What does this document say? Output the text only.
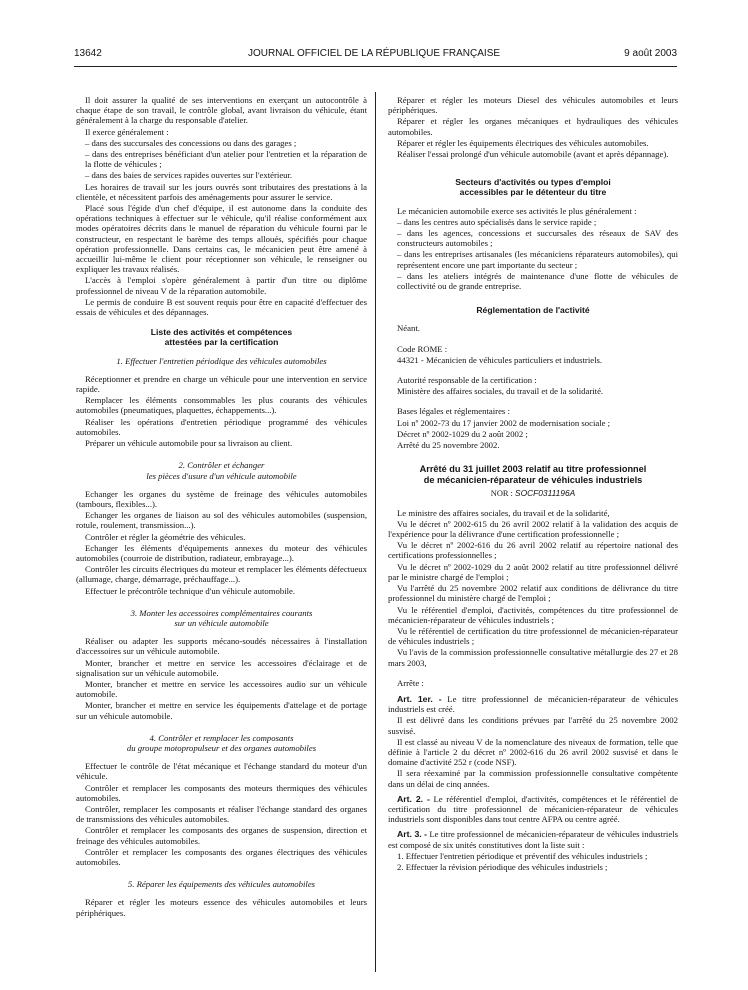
13642	JOURNAL OFFICIEL DE LA RÉPUBLIQUE FRANÇAISE	9 août 2003

Il doit assurer la qualité de ses interventions en exerçant un autocontrôle à chaque étape de son travail, le contrôle global, avant livraison du véhicule, étant généralement à la charge du responsable d'atelier.

Il exerce généralement :

– dans des succursales des concessions ou dans des garages ;

– dans des entreprises bénéficiant d'un atelier pour l'entretien et la réparation de la flotte de véhicules ;

– dans des baies de services rapides ouvertes sur l'extérieur.

Les horaires de travail sur les jours ouvrés sont tributaires des prestations à la clientèle, et nécessitent parfois des aménagements pour assurer le service.

Placé sous l'égide d'un chef d'équipe, il est autonome dans la conduite des opérations techniques à effectuer sur le véhicule, qu'il réalise conformément aux modes opératoires décrits dans le manuel de réparation du véhicule fourni par le constructeur, en respectant le barème des temps alloués, spécifiés pour chaque opération professionnelle. Dans certains cas, le mécanicien peut être amené à accueillir lui-même le client pour réceptionner son véhicule, le renseigner ou expliquer les travaux réalisés.

L'accès à l'emploi s'opère généralement à partir d'un titre ou diplôme professionnel de niveau V de la réparation automobile.

Le permis de conduire B est souvent requis pour être en capacité d'effectuer des essais de véhicules et des dépannages.

Liste des activités et compétences
attestées par la certification
1. Effectuer l'entretien périodique des véhicules automobiles

Réceptionner et prendre en charge un véhicule pour une intervention en service rapide.

Remplacer les éléments consommables les plus courants des véhicules automobiles (pneumatiques, plaquettes, échappements...).

Réaliser les opérations d'entretien périodique programmé des véhicules automobiles.

Préparer un véhicule automobile pour sa livraison au client.

2. Contrôler et échanger
les pièces d'usure d'un véhicule automobile

Echanger les organes du système de freinage des véhicules automobiles (tambours, flexibles...).

Echanger les organes de liaison au sol des véhicules automobiles (suspension, rotule, roulement, transmission...).

Contrôler et régler la géométrie des véhicules.

Echanger les éléments d'équipements annexes du moteur des véhicules automobiles (courroie de distribution, radiateur, embrayage...).

Contrôler les circuits électriques du moteur et remplacer les éléments défectueux (allumage, charge, démarrage, préchauffage...).

Effectuer le précontrôle technique d'un véhicule automobile.

3. Monter les accessoires complémentaires courants
sur un véhicule automobile

Réaliser ou adapter les supports mécano-soudés nécessaires à l'installation d'accessoires sur un véhicule automobile.

Monter, brancher et mettre en service les accessoires d'éclairage et de signalisation sur un véhicule automobile.

Monter, brancher et mettre en service les accessoires audio sur un véhicule automobile.

Monter, brancher et mettre en service les équipements d'attelage et de portage sur un véhicule automobile.

4. Contrôler et remplacer les composants
du groupe motopropulseur et des organes automobiles

Effectuer le contrôle de l'état mécanique et l'échange standard du moteur d'un véhicule.

Contrôler et remplacer les composants des moteurs thermiques des véhicules automobiles.

Contrôler, remplacer les composants et réaliser l'échange standard des organes de transmissions des véhicules automobiles.

Contrôler et remplacer les composants des organes de suspension, direction et freinage des véhicules automobiles.

Contrôler et remplacer les composants des organes électriques des véhicules automobiles.

5. Réparer les équipements des véhicules automobiles

Réparer et régler les moteurs essence des véhicules automobiles et leurs périphériques.

Réparer et régler les moteurs Diesel des véhicules automobiles et leurs périphériques.

Réparer et régler les organes mécaniques et hydrauliques des véhicules automobiles.

Réparer et régler les équipements électriques des véhicules automobiles.

Réaliser l'essai prolongé d'un véhicule automobile (avant et après dépannage).

Secteurs d'activités ou types d'emploi
accessibles par le détenteur du titre

Le mécanicien automobile exerce ses activités le plus généralement :

– dans les centres auto spécialisés dans le service rapide ;

– dans les agences, concessions et succursales des réseaux de SAV des constructeurs automobiles ;

– dans les entreprises artisanales (les mécaniciens réparateurs automobiles), qui représentent encore une part importante du secteur ;

– dans les ateliers intégrés de maintenance d'une flotte de véhicules de collectivité ou de grande entreprise.

Réglementation de l'activité

Néant.

Code ROME :

44321 - Mécanicien de véhicules particuliers et industriels.

Autorité responsable de la certification :

Ministère des affaires sociales, du travail et de la solidarité.

Bases légales et réglementaires :

Loi nº 2002-73 du 17 janvier 2002 de modernisation sociale ;

Décret nº 2002-1029 du 2 août 2002 ;

Arrêté du 25 novembre 2002.

Arrêté du 31 juillet 2003 relatif au titre professionnel
de mécanicien-réparateur de véhicules industriels
NOR : SOCF0311196A

Le ministre des affaires sociales, du travail et de la solidarité,

Vu le décret nº 2002-615 du 26 avril 2002 relatif à la validation des acquis de l'expérience pour la délivrance d'une certification professionnelle ;

Vu le décret nº 2002-616 du 26 avril 2002 relatif au répertoire national des certifications professionnelles ;

Vu le décret nº 2002-1029 du 2 août 2002 relatif au titre professionnel délivré par le ministre chargé de l'emploi ;

Vu l'arrêté du 25 novembre 2002 relatif aux conditions de délivrance du titre professionnel du ministère chargé de l'emploi ;

Vu le référentiel d'emploi, d'activités, compétences du titre professionnel de mécanicien-réparateur de véhicules industriels ;

Vu le référentiel de certification du titre professionnel de mécanicien-réparateur de véhicules industriels ;

Vu l'avis de la commission professionnelle consultative métallurgie des 27 et 28 mars 2003,

Arrête :

Art. 1er. - Le titre professionnel de mécanicien-réparateur de véhicules industriels est créé.

Il est délivré dans les conditions prévues par l'arrêté du 25 novembre 2002 susvisé.

Il est classé au niveau V de la nomenclature des niveaux de formation, telle que définie à l'article 2 du décret nº 2002-616 du 26 avril 2002 susvisé et dans le domaine d'activité 252 r (code NSF).

Il sera réexaminé par la commission professionnelle consultative compétente dans un délai de cinq années.

Art. 2. - Le référentiel d'emploi, d'activités, compétences et le référentiel de certification du titre professionnel de mécanicien-réparateur de véhicules industriels sont disponibles dans tout centre AFPA ou centre agréé.

Art. 3. - Le titre professionnel de mécanicien-réparateur de véhicules industriels est composé de six unités constitutives dont la liste suit :

1. Effectuer l'entretien périodique et préventif des véhicules industriels ;

2. Effectuer la révision périodique des véhicules industriels ;
